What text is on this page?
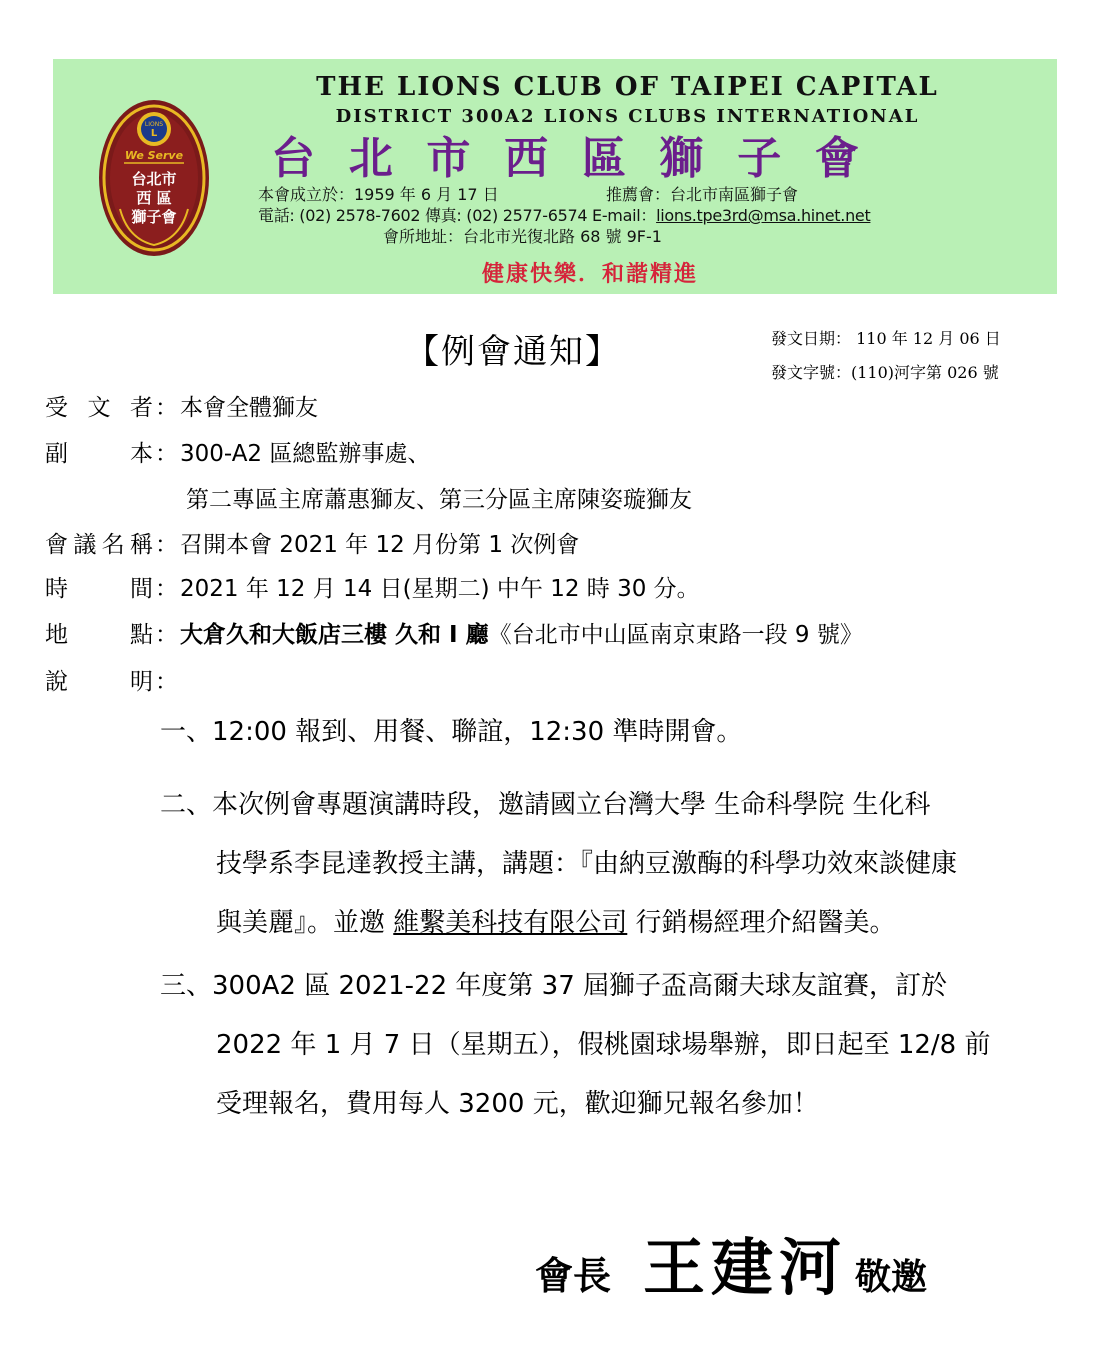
LIONS
L
We Serve
台北市
西 區
獅子會
THE LIONS CLUB OF TAIPEI CAPITAL
DISTRICT 300A2 LIONS CLUBS INTERNATIONAL
台 北 市 西 區 獅 子 會
本會成立於：1959 年 6 月 17 日	推薦會：台北市南區獅子會
電話: (02) 2578-7602 傳真: (02) 2577-6574 E-mail：lions.tpe3rd@msa.hinet.net
會所地址：台北市光復北路 68 號 9F-1
健康快樂．和諧精進
【例會通知】	發文日期： 110 年 12 月 06 日
發文字號：(110)河字第 026 號
受文者：本會全體獅友
副本：300-A2 區總監辦事處、
第二專區主席蕭惠獅友、第三分區主席陳姿璇獅友
會議名稱：召開本會 2021 年 12 月份第 1 次例會
時間：2021 年 12 月 14 日(星期二) 中午 12 時 30 分。
地點：大倉久和大飯店三樓 久和 I 廳《台北市中山區南京東路一段 9 號》
說明：
一、12:00 報到、用餐、聯誼，12:30 準時開會。
二、本次例會專題演講時段，邀請國立台灣大學 生命科學院 生化科
技學系李昆達教授主講，講題：『由納豆激酶的科學功效來談健康
與美麗』。並邀 維繫美科技有限公司 行銷楊經理介紹醫美。
三、300A2 區 2021-22 年度第 37 屆獅子盃高爾夫球友誼賽，訂於
2022 年 1 月 7 日（星期五），假桃園球場舉辦，即日起至 12/8 前
受理報名，費用每人 3200 元，歡迎獅兄報名參加！
會長 王建河 敬邀
